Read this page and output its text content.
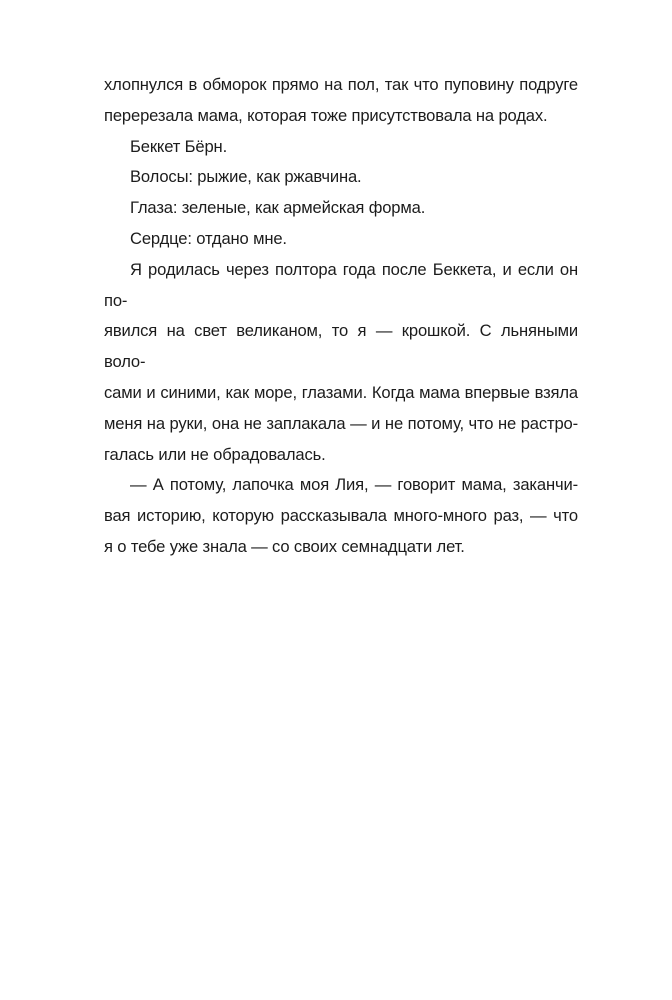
хлопнулся в обморок прямо на пол, так что пуповину подруге
перерезала мама, которая тоже присутствовала на родах.

Беккет Бёрн.

Волосы: рыжие, как ржавчина.

Глаза: зеленые, как армейская форма.

Сердце: отдано мне.

Я родилась через полтора года после Беккета, и если он по-
явился на свет великаном, то я — крошкой. С льняными воло-
сами и синими, как море, глазами. Когда мама впервые взяла
меня на руки, она не заплакала — и не потому, что не растро-
галась или не обрадовалась.

— А потому, лапочка моя Лия, — говорит мама, заканчи-
вая историю, которую рассказывала много-много раз, — что
я о тебе уже знала — со своих семнадцати лет.
